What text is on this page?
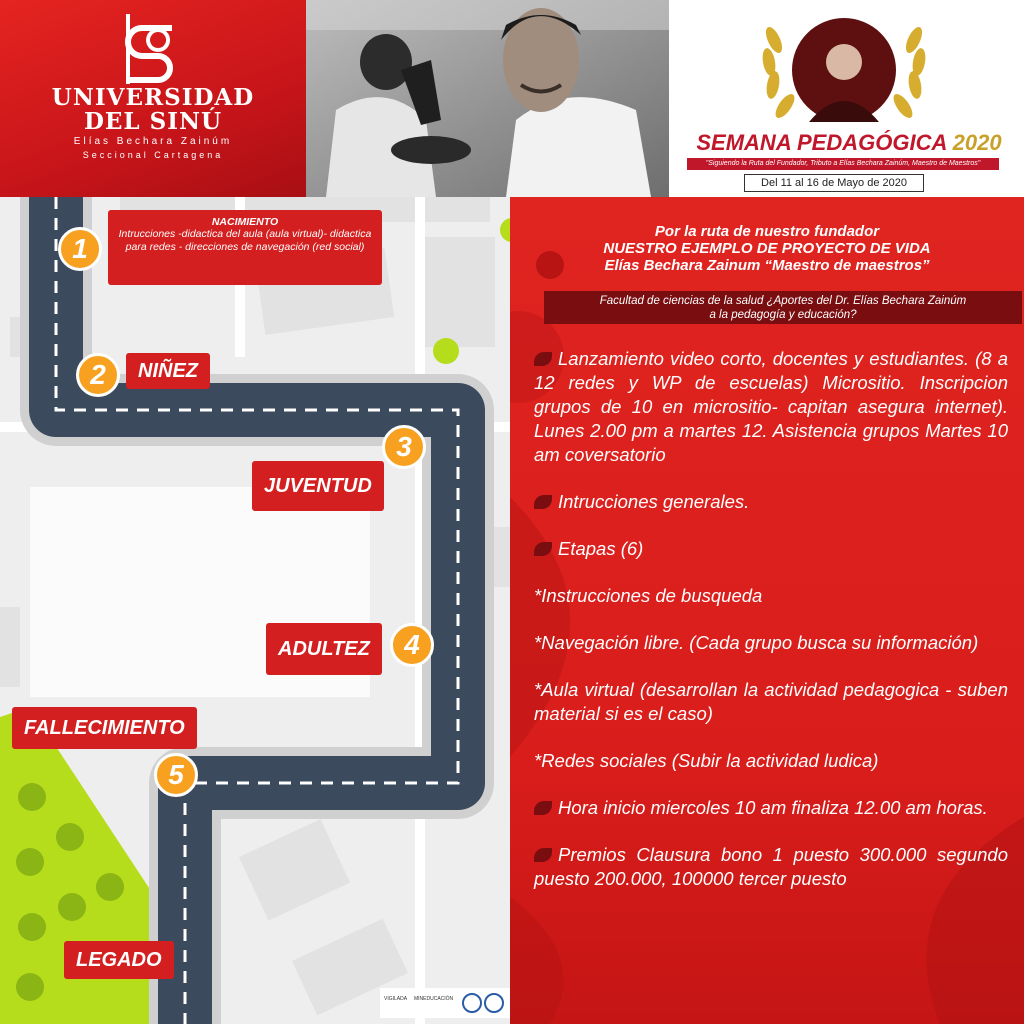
UNIVERSIDAD
DEL SINÚ
Elías Bechara Zainúm
Seccional Cartagena	SEMANA PEDAGÓGICA 2020
"Siguiendo la Ruta del Fundador, Tributo a Elías Bechara Zainúm, Maestro de Maestros"
Del 11 al 16 de Mayo de 2020
1
NACIMIENTO
Intrucciones -didactica del aula (aula virtual)- didactica para redes - direcciones de navegación (red social)
2	NIÑEZ
3
JUVENTUD
4
ADULTEZ
FALLECIMIENTO
5
LEGADO
Por la ruta de nuestro fundador
NUESTRO EJEMPLO DE PROYECTO DE VIDA
Elías Bechara Zainum “Maestro de maestros”
Facultad de ciencias de la salud ¿Aportes del Dr. Elías Bechara Zainúm
a la pedagogía y educación?
Lanzamiento video corto, docentes y estudiantes. (8 a 12 redes y WP de escuelas) Micrositio. Inscripcion grupos de 10 en micrositio- capitan asegura internet). Lunes 2.00 pm a martes 12. Asistencia grupos Martes 10 am coversatorio
Intrucciones generales.
Etapas (6)
*Instrucciones de busqueda
*Navegación libre. (Cada grupo busca su información)
*Aula virtual (desarrollan la actividad pedagogica - suben material si es el caso)
*Redes sociales (Subir la actividad ludica)
Hora inicio miercoles 10 am finaliza 12.00 am horas.
Premios Clausura bono 1 puesto 300.000 segundo puesto 200.000, 100000 tercer puesto
VIGILADA MINEDUCACIÓN
